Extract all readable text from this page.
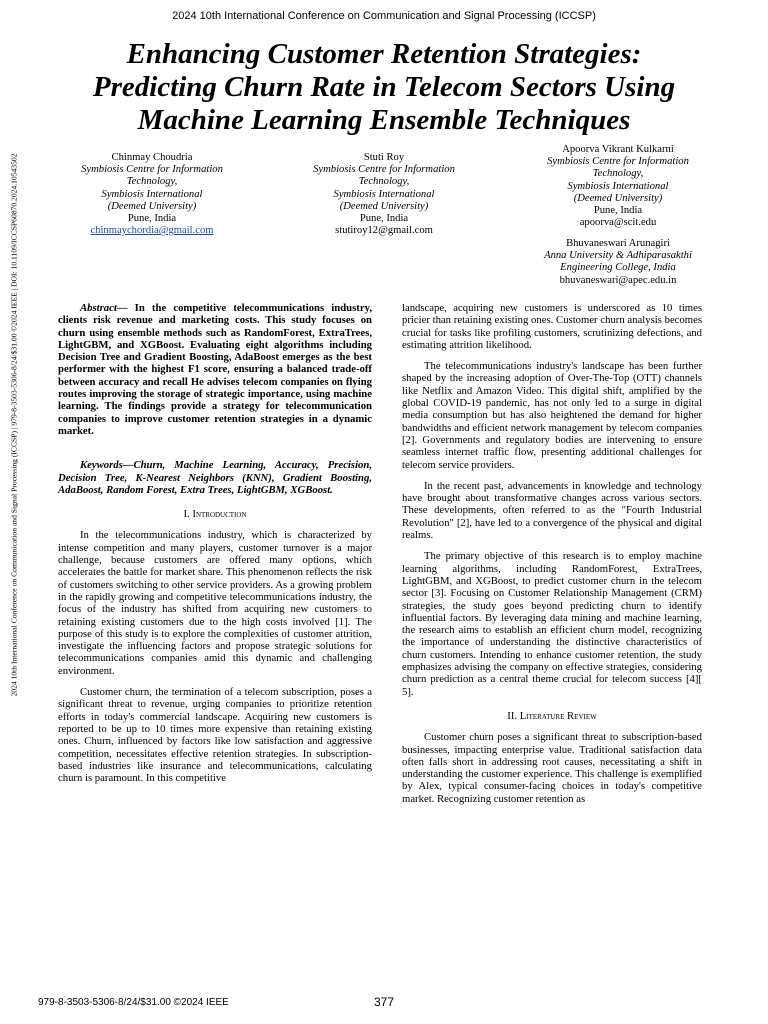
2024 10th International Conference on Communication and Signal Processing (ICCSP)
Enhancing Customer Retention Strategies:
Predicting Churn Rate in Telecom Sectors Using
Machine Learning Ensemble Techniques
2024 10th International Conference on Communication and Signal Processing (ICCSP) | 979-8-3503-5306-8/24/$31.00 ©2024 IEEE | DOI: 10.1109/ICCSP60870.2024.10543502	Chinmay Choudria
Symbiosis Centre for Information
Technology,
Symbiosis International
(Deemed University)
Pune, India
chinmaychordia@gmail.com
Stuti Roy
Symbiosis Centre for Information
Technology,
Symbiosis International
(Deemed University)
Pune, India
stutiroy12@gmail.com
Apoorva Vikrant Kulkarni
Symbiosis Centre for Information
Technology,
Symbiosis International
(Deemed University)
Pune, India
apoorva@scit.edu
Bhuvaneswari Arunagiri
Anna University & Adhiparasakthi
Engineering College, India
bhuvaneswari@apec.edu.in

Abstract— In the competitive telecommunications industry, clients risk revenue and marketing costs. This study focuses on churn using ensemble methods such as RandomForest, ExtraTrees, LightGBM, and XGBoost. Evaluating eight algorithms including Decision Tree and Gradient Boosting, AdaBoost emerges as the best performer with the highest F1 score, ensuring a balanced trade-off between accuracy and recall He advises telecom companies on flying routes improving the storage of strategic importance, using machine learning. The findings provide a strategy for telecommunication companies to improve customer retention strategies in a dynamic market.

Keywords—Churn, Machine Learning, Accuracy, Precision, Decision Tree, K-Nearest Neighbors (KNN), Gradient Boosting, AdaBoost, Random Forest, Extra Trees, LightGBM, XGBoost.

I. Introduction

In the telecommunications industry, which is characterized by intense competition and many players, customer turnover is a major challenge, because customers are offered many options, which accelerates the battle for market share. This phenomenon reflects the risk of customers switching to other service providers. As a growing problem in the rapidly growing and competitive telecommunications industry, the focus of the industry has shifted from acquiring new customers to retaining existing customers due to the high costs involved [1]. The purpose of this study is to explore the complexities of customer attrition, investigate the influencing factors and propose strategic solutions for telecommunications companies amid this dynamic and challenging environment.

Customer churn, the termination of a telecom subscription, poses a significant threat to revenue, urging companies to prioritize retention efforts in today's commercial landscape. Acquiring new customers is reported to be up to 10 times more expensive than retaining existing ones. Churn, influenced by factors like low satisfaction and aggressive competition, necessitates effective retention strategies. In subscription-based industries like insurance and telecommunications, calculating churn is paramount. In this competitive

landscape, acquiring new customers is underscored as 10 times pricier than retaining existing ones. Customer churn analysis becomes crucial for tasks like profiling customers, scrutinizing defections, and estimating attrition likelihood.

The telecommunications industry's landscape has been further shaped by the increasing adoption of Over-The-Top (OTT) channels like Netflix and Amazon Video. This digital shift, amplified by the global COVID-19 pandemic, has not only led to a surge in digital media consumption but has also heightened the demand for higher bandwidths and efficient network management by telecom companies [2]. Governments and regulatory bodies are intervening to ensure seamless internet traffic flow, presenting additional challenges for telecom service providers.

In the recent past, advancements in knowledge and technology have brought about transformative changes across various sectors. These developments, often referred to as the "Fourth Industrial Revolution" [2], have led to a convergence of the physical and digital realms.

The primary objective of this research is to employ machine learning algorithms, including RandomForest, ExtraTrees, LightGBM, and XGBoost, to predict customer churn in the telecom sector [3]. Focusing on Customer Relationship Management (CRM) strategies, the study goes beyond predicting churn to identify influential factors. By leveraging data mining and machine learning, the research aims to establish an efficient churn model, recognizing the importance of understanding the distinctive characteristics of churn customers. Intending to enhance customer retention, the study emphasizes advising the company on effective strategies, considering churn prediction as a central theme crucial for telecom success [4][ 5].

II. Literature Review

Customer churn poses a significant threat to subscription-based businesses, impacting enterprise value. Traditional satisfaction data often falls short in addressing root causes, necessitating a shift in understanding the customer experience. This challenge is exemplified by Alex, typical consumer-facing choices in today's competitive market. Recognizing customer retention as

979-8-3503-5306-8/24/$31.00 ©2024 IEEE	377
